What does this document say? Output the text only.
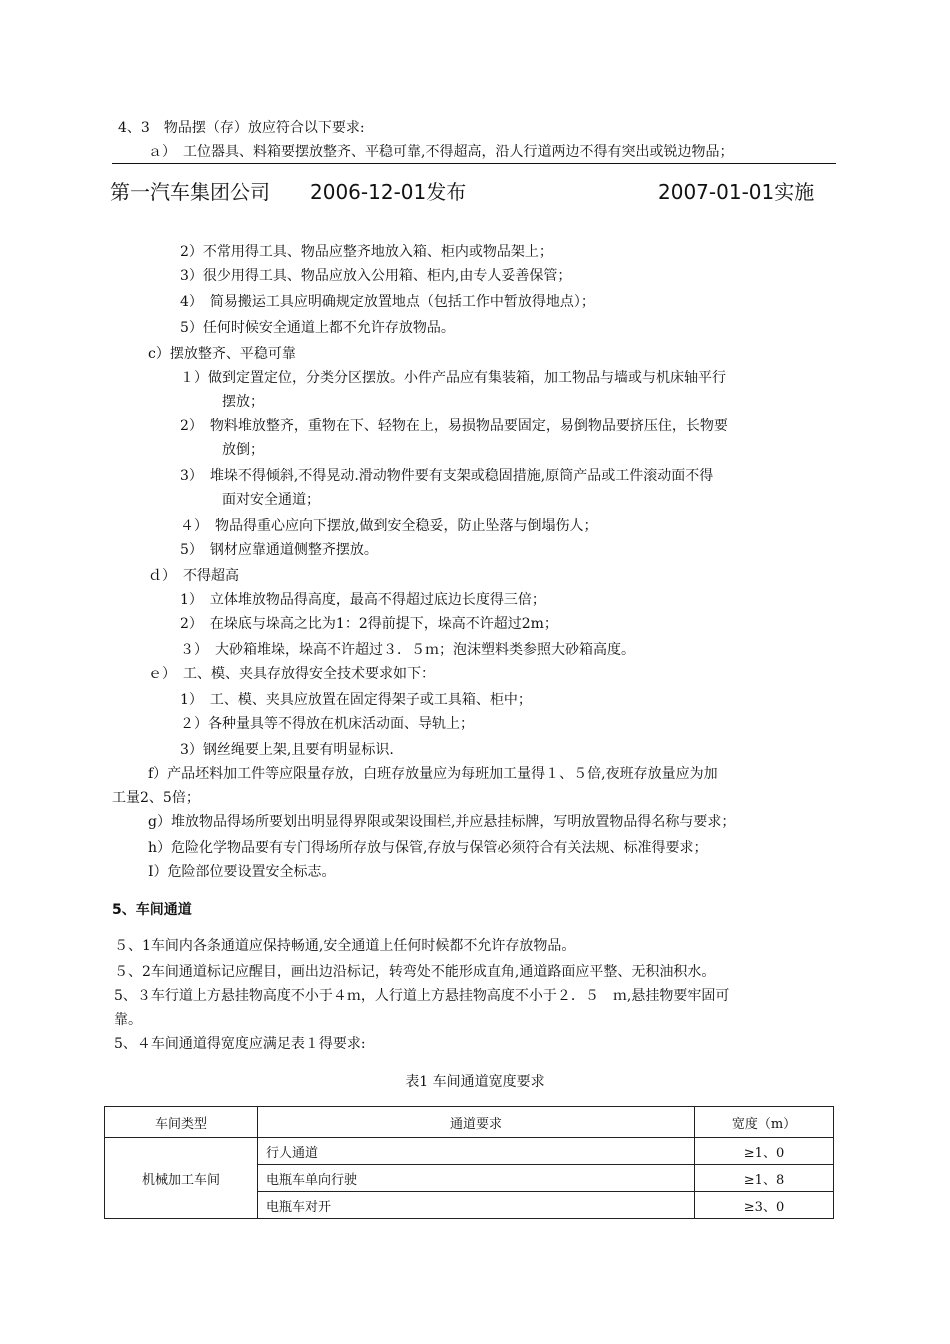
4、3　物品摆（存）放应符合以下要求:
ａ）　工位器具、料箱要摆放整齐、平稳可靠,不得超高，沿人行道两边不得有突出或锐边物品；
第一汽车集团公司 2006-12-01发布	2007-01-01实施
2）不常用得工具、物品应整齐地放入箱、柜内或物品架上；
3）很少用得工具、物品应放入公用箱、柜内,由专人妥善保管；
4）　简易搬运工具应明确规定放置地点（包括工作中暂放得地点）；
5）任何时候安全通道上都不允许存放物品。
c）摆放整齐、平稳可靠
１）做到定置定位，分类分区摆放。小件产品应有集装箱，加工物品与墙或与机床轴平行
摆放；
2）　物料堆放整齐，重物在下、轻物在上，易损物品要固定，易倒物品要挤压住，长物要
放倒；
3）　堆垛不得倾斜,不得晃动.滑动物件要有支架或稳固措施,原筒产品或工件滚动面不得
面对安全通道；
４）　物品得重心应向下摆放,做到安全稳妥，防止坠落与倒塌伤人；
5）　钢材应靠通道侧整齐摆放。
ｄ）　不得超高
1）　立体堆放物品得高度，最高不得超过底边长度得三倍；
2）　在垛底与垛高之比为1：2得前提下，垛高不许超过2m；
３）　大砂箱堆垛，垛高不许超过３．５ｍ；泡沫塑料类参照大砂箱高度。
ｅ）　工、模、夹具存放得安全技术要求如下：
1）　工、模、夹具应放置在固定得架子或工具箱、柜中；
２）各种量具等不得放在机床活动面、导轨上；
3）钢丝绳要上架,且要有明显标识.
f）产品坯料加工件等应限量存放，白班存放量应为每班加工量得１、５倍,夜班存放量应为加
工量2、5倍；
g）堆放物品得场所要划出明显得界限或架设围栏,并应悬挂标牌，写明放置物品得名称与要求；
h）危险化学物品要有专门得场所存放与保管,存放与保管必须符合有关法规、标准得要求；
I）危险部位要设置安全标志。
5、车间通道
５、1车间内各条通道应保持畅通,安全通道上任何时候都不允许存放物品。
５、2车间通道标记应醒目，画出边沿标记，转弯处不能形成直角,通道路面应平整、无积油积水。
5、３车行道上方悬挂物高度不小于４ｍ，人行道上方悬挂物高度不小于２．５　ｍ,悬挂物要牢固可
靠。
5、４车间通道得宽度应满足表１得要求:
表1 车间通道宽度要求
车间类型	通道要求	宽度（m）
机械加工车间	行人通道	≥1、0
	电瓶车单向行驶	≥1、8
	电瓶车对开	≥3、0
